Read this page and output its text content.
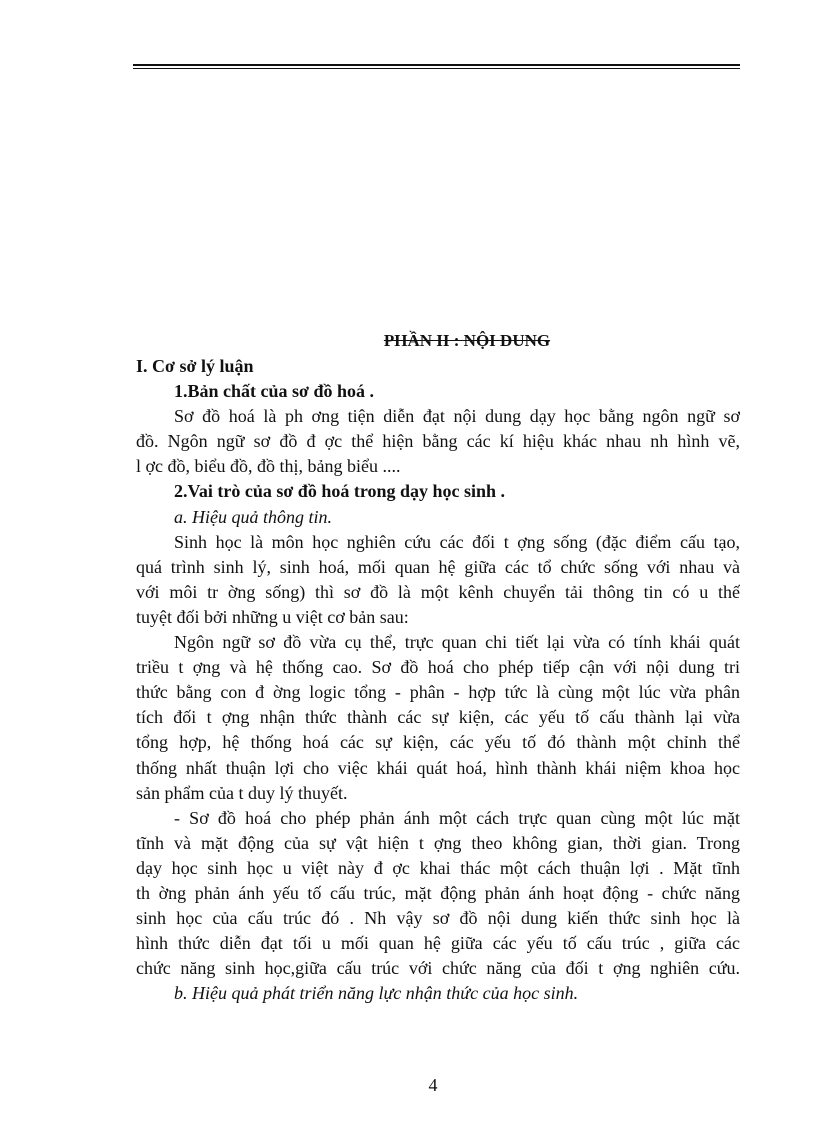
PHẦN II : NỘI DUNG
I. Cơ sở lý luận
1.Bản chất của sơ đồ hoá .
Sơ đồ hoá là ph ơng tiện diễn đạt nội dung dạy học bằng ngôn ngữ sơ
đồ. Ngôn ngữ sơ đồ đ ợc thể hiện bằng các kí hiệu khác nhau nh hình vẽ,
l ợc đồ, biểu đồ, đồ thị, bảng biểu ....
2.Vai trò của sơ đồ hoá trong dạy học sinh .
a. Hiệu quả thông tin.
Sinh học là môn học nghiên cứu các đối t ợng sống (đặc điểm cấu tạo,
quá trình sinh lý, sinh hoá, mối quan hệ giữa các tổ chức sống với nhau và
với môi tr ờng sống) thì sơ đồ là một kênh chuyển tải thông tin có u thế
tuyệt đối bởi những u việt cơ bản sau:
Ngôn ngữ sơ đồ vừa cụ thể, trực quan chi tiết lại vừa có tính khái quát
triều t ợng và hệ thống cao. Sơ đồ hoá cho phép tiếp cận với nội dung tri
thức bằng con đ ờng logic tổng - phân - hợp tức là cùng một lúc vừa phân
tích đối t ợng nhận thức thành các sự kiện, các yếu tố cấu thành lại vừa
tổng hợp, hệ thống hoá các sự kiện, các yếu tố đó thành một chỉnh thể
thống nhất thuận lợi cho việc khái quát hoá, hình thành khái niệm khoa học
sản phẩm của t duy lý thuyết.
- Sơ đồ hoá cho phép phản ánh một cách trực quan cùng một lúc mặt
tĩnh và mặt động của sự vật hiện t ợng theo không gian, thời gian. Trong
dạy học sinh học u việt này đ ợc khai thác một cách thuận lợi . Mặt tĩnh
th ờng phản ánh yếu tố cấu trúc, mặt động phản ánh hoạt động - chức năng
sinh học của cấu trúc đó . Nh vậy sơ đồ nội dung kiến thức sinh học là
hình thức diễn đạt tối u mối quan hệ giữa các yếu tố cấu trúc , giữa các
chức năng sinh học,giữa cấu trúc với chức năng của đối t ợng nghiên cứu.
b. Hiệu quả phát triển năng lực nhận thức của học sinh.
4
